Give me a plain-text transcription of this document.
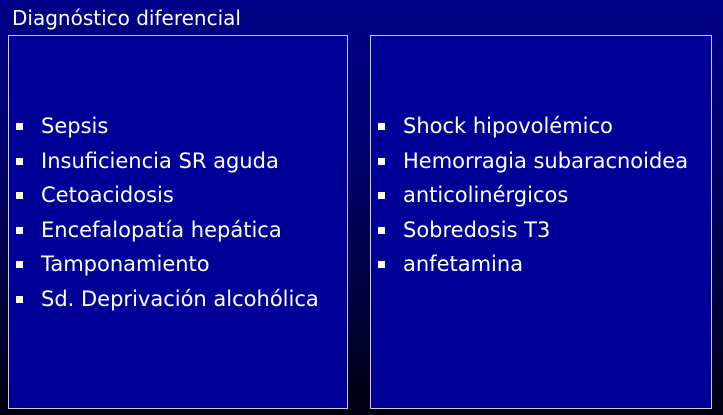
Diagnóstico diferencial
Sepsis
Insuficiencia SR aguda
Cetoacidosis
Encefalopatía hepática
Tamponamiento
Sd. Deprivación alcohólica
Shock hipovolémico
Hemorragia subaracnoidea
anticolinérgicos
Sobredosis T3
anfetamina
